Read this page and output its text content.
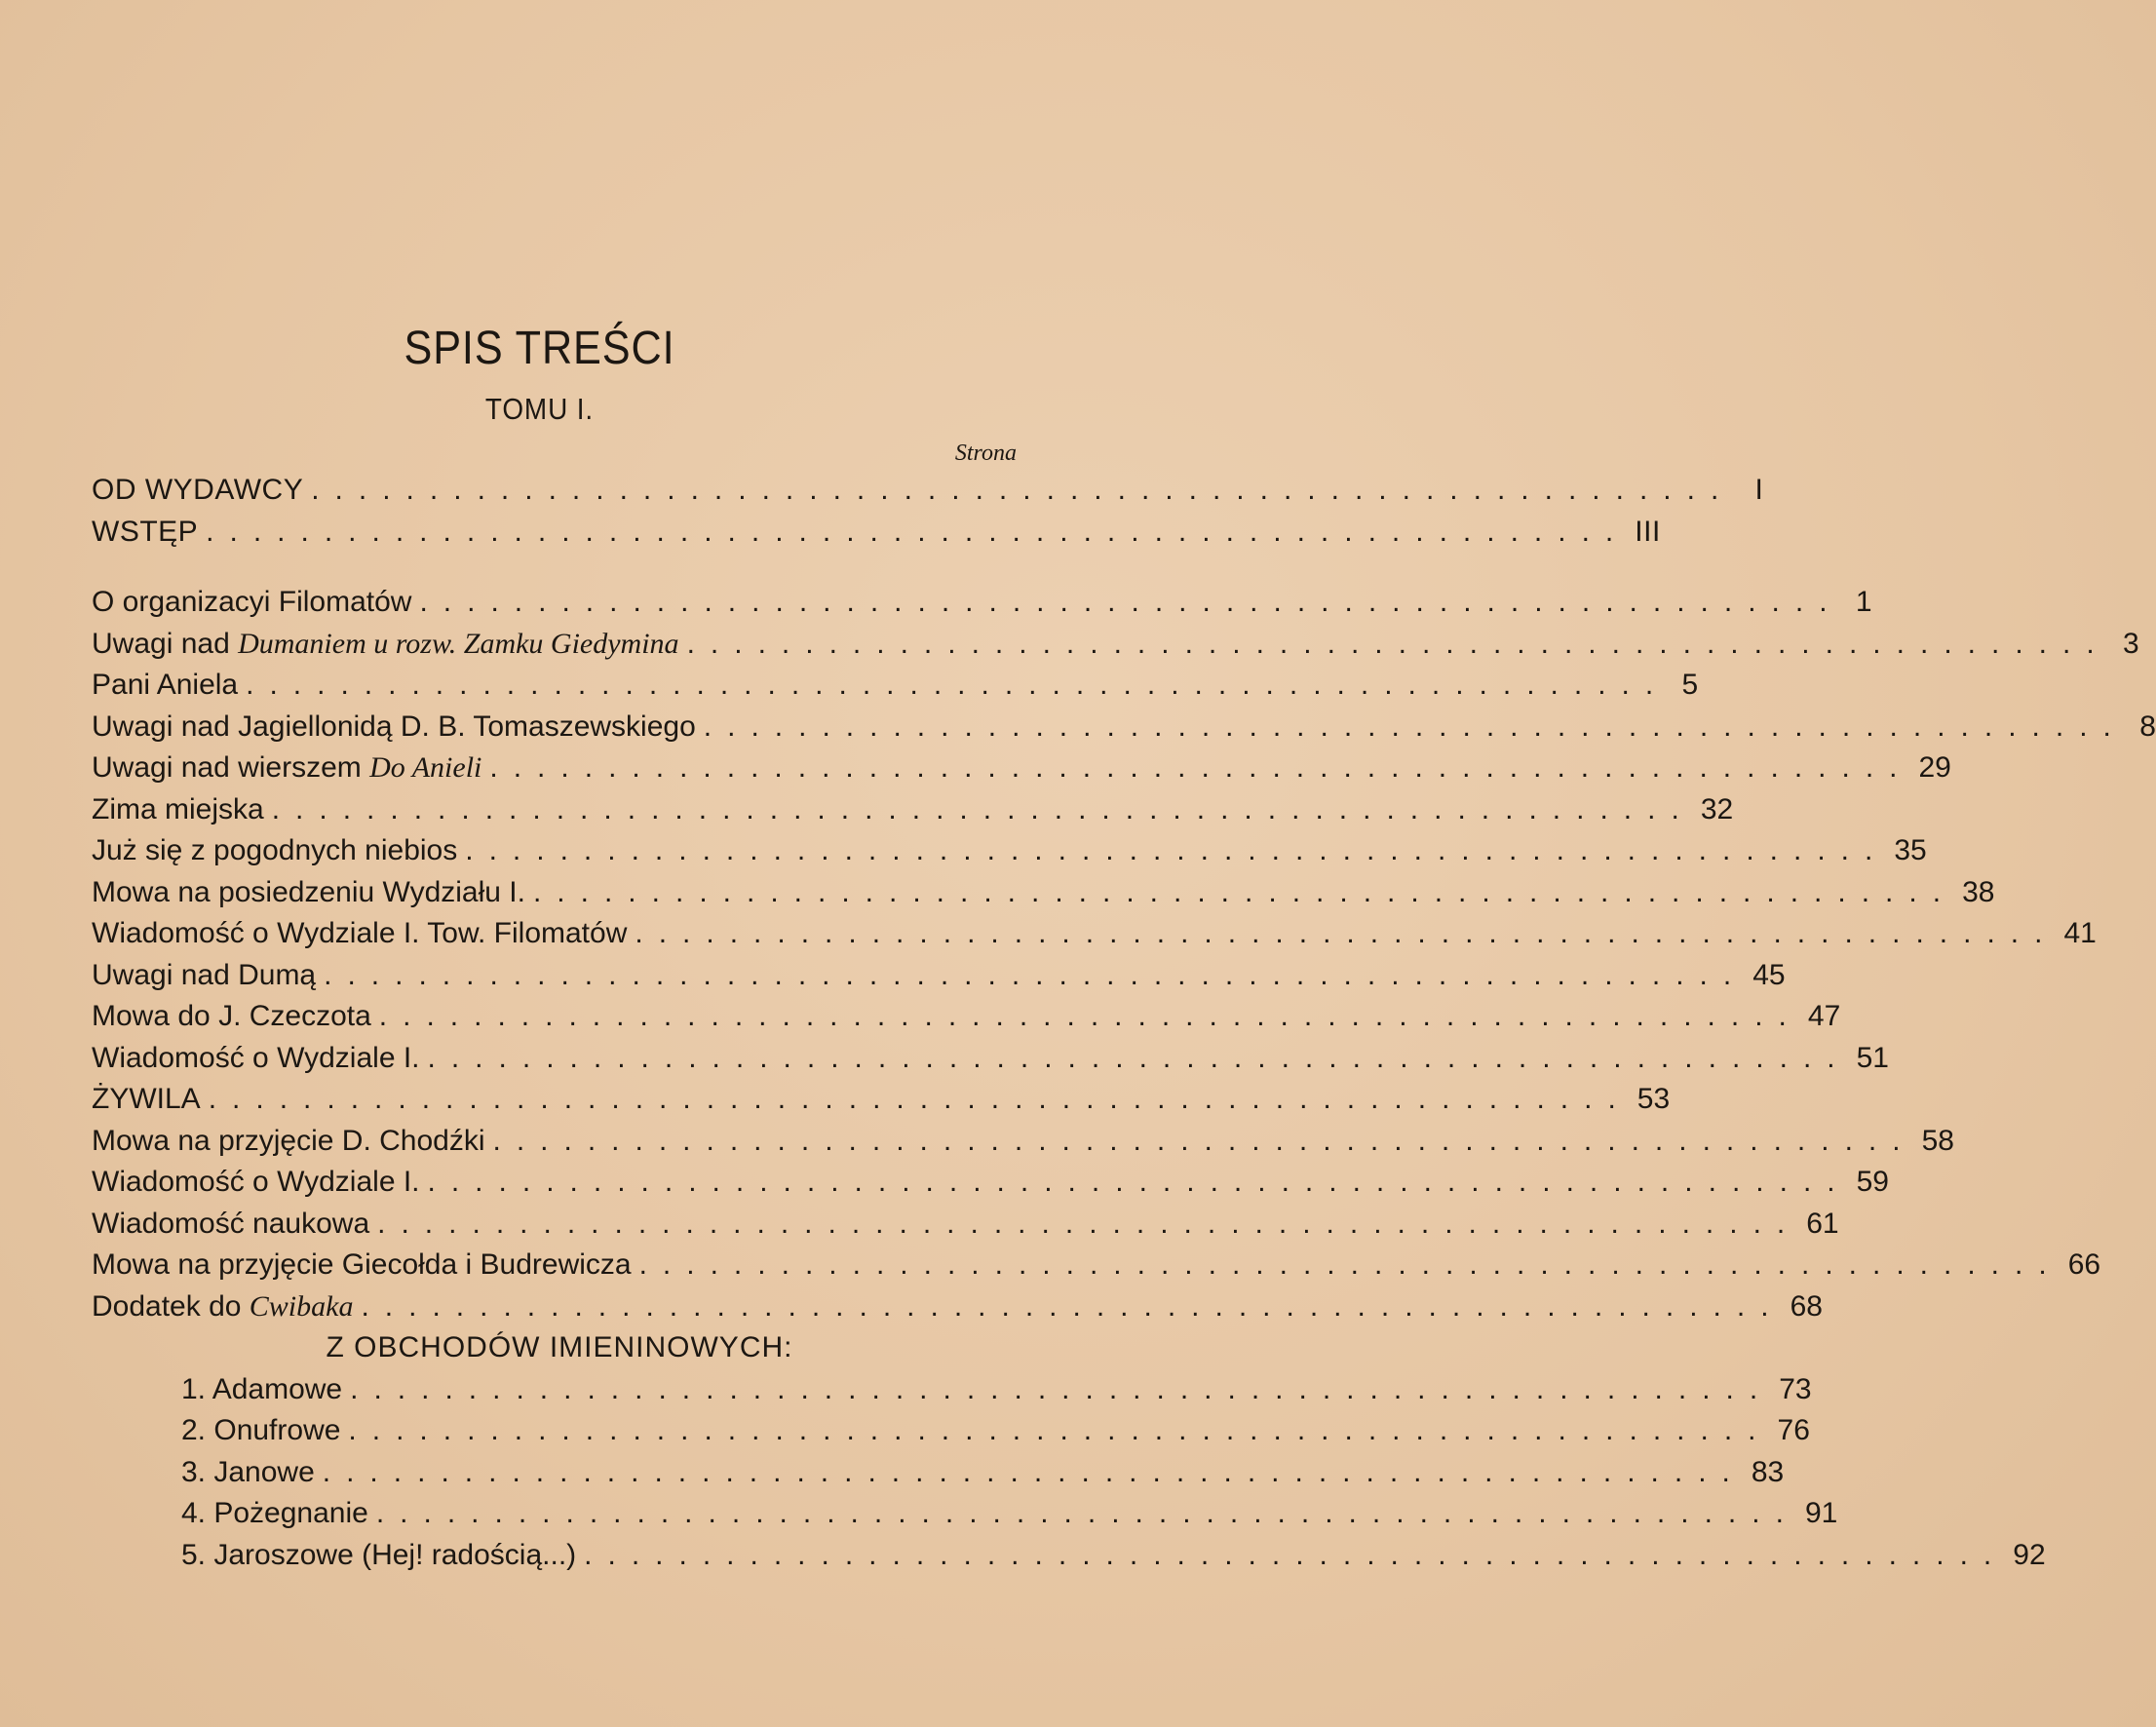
SPIS TREŚCI
TOMU I.
Strona
OD WYDAWCY ............................................................ I
WSTĘP ............................................................ III
O organizacyi Filomatów ............................................................ 1
Uwagi nad Dumaniem u rozw. Zamku Giedymina ............................................................ 3
Pani Aniela ............................................................ 5
Uwagi nad Jagiellonidą D. B. Tomaszewskiego ............................................................ 8
Uwagi nad wierszem Do Anieli ............................................................ 29
Zima miejska ............................................................ 32
Już się z pogodnych niebios ............................................................ 35
Mowa na posiedzeniu Wydziału I. ............................................................ 38
Wiadomość o Wydziale I. Tow. Filomatów ............................................................ 41
Uwagi nad Dumą ............................................................ 45
Mowa do J. Czeczota ............................................................ 47
Wiadomość o Wydziale I. ............................................................ 51
ŻYWILA ............................................................ 53
Mowa na przyjęcie D. Chodźki ............................................................ 58
Wiadomość o Wydziale I. ............................................................ 59
Wiadomość naukowa ............................................................ 61
Mowa na przyjęcie Giecołda i Budrewicza ............................................................ 66
Dodatek do Cwibaka ............................................................ 68
Z OBCHODÓW IMIENINOWYCH:
1. Adamowe ............................................................ 73
2. Onufrowe ............................................................ 76
3. Janowe ............................................................ 83
4. Pożegnanie ............................................................ 91
5. Jaroszowe (Hej! radością...) ............................................................ 92
